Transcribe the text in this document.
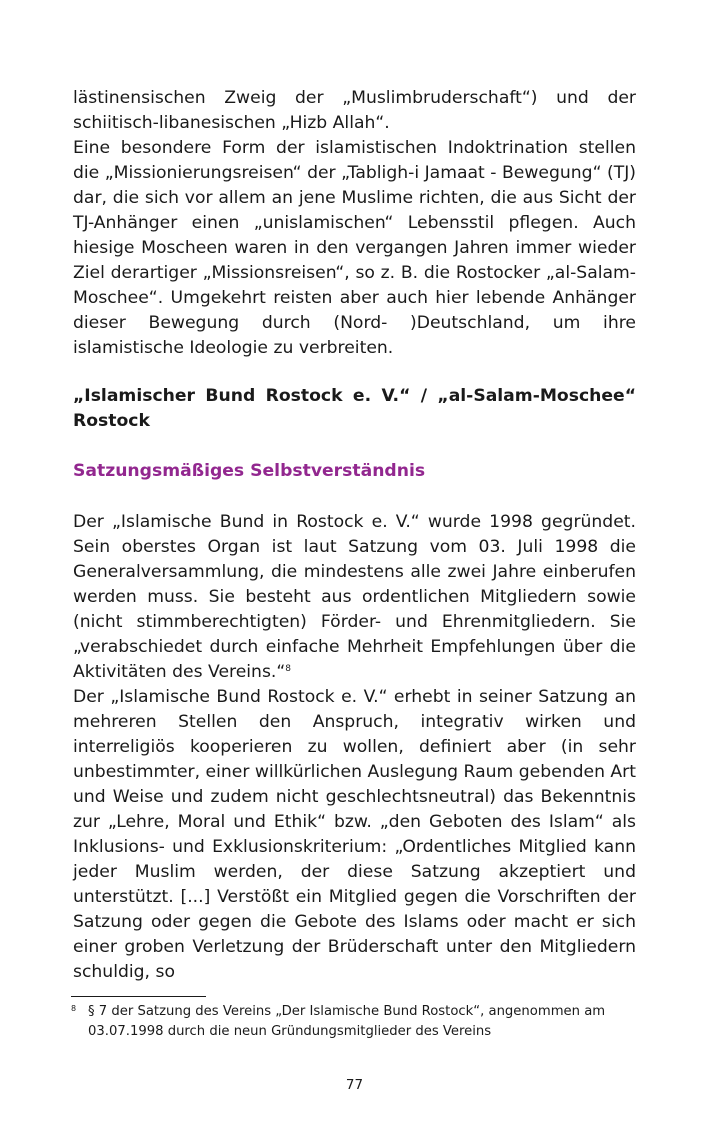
lästinensischen Zweig der „Muslimbruderschaft“) und der schiitisch-libanesischen „Hizb Allah“.

Eine besondere Form der islamistischen Indoktrination stellen die „Missionierungsreisen“ der „Tabligh-i Jamaat - Bewegung“ (TJ) dar, die sich vor allem an jene Muslime richten, die aus Sicht der TJ-Anhänger einen „unislamischen“ Lebensstil pflegen. Auch hiesige Moscheen waren in den vergangen Jahren immer wieder Ziel derartiger „Missionsreisen“, so z. B. die Rostocker „al-Salam-Moschee“. Umgekehrt reisten aber auch hier lebende Anhänger dieser Bewegung durch (Nord- )Deutschland, um ihre islamistische Ideologie zu verbreiten.

„Islamischer Bund Rostock e. V.“ / „al-Salam-Moschee“ Rostock
Satzungsmäßiges Selbstverständnis

Der „Islamische Bund in Rostock e. V.“ wurde 1998 gegründet. Sein oberstes Organ ist laut Satzung vom 03. Juli 1998 die Generalversammlung, die mindestens alle zwei Jahre einberufen werden muss. Sie besteht aus ordentlichen Mitgliedern sowie (nicht stimmberechtigten) Förder- und Ehrenmitgliedern. Sie „verabschiedet durch einfache Mehrheit Empfehlungen über die Aktivitäten des Vereins.“$^8$

Der „Islamische Bund Rostock e. V.“ erhebt in seiner Satzung an mehreren Stellen den Anspruch, integrativ wirken und interreligiös kooperieren zu wollen, definiert aber (in sehr unbestimmter, einer willkürlichen Auslegung Raum gebenden Art und Weise und zudem nicht geschlechtsneutral) das Bekenntnis zur „Lehre, Moral und Ethik“ bzw. „den Geboten des Islam“ als Inklusions- und Exklusionskriterium: „Ordentliches Mitglied kann jeder Muslim werden, der diese Satzung akzeptiert und unterstützt. [...] Verstößt ein Mitglied gegen die Vorschriften der Satzung oder gegen die Gebote des Islams oder macht er sich einer groben Verletzung der Brüderschaft unter den Mitgliedern schuldig, so

8 § 7 der Satzung des Vereins „Der Islamische Bund Rostock“, angenommen am 03.07.1998 durch die neun Gründungsmitglieder des Vereins
77
